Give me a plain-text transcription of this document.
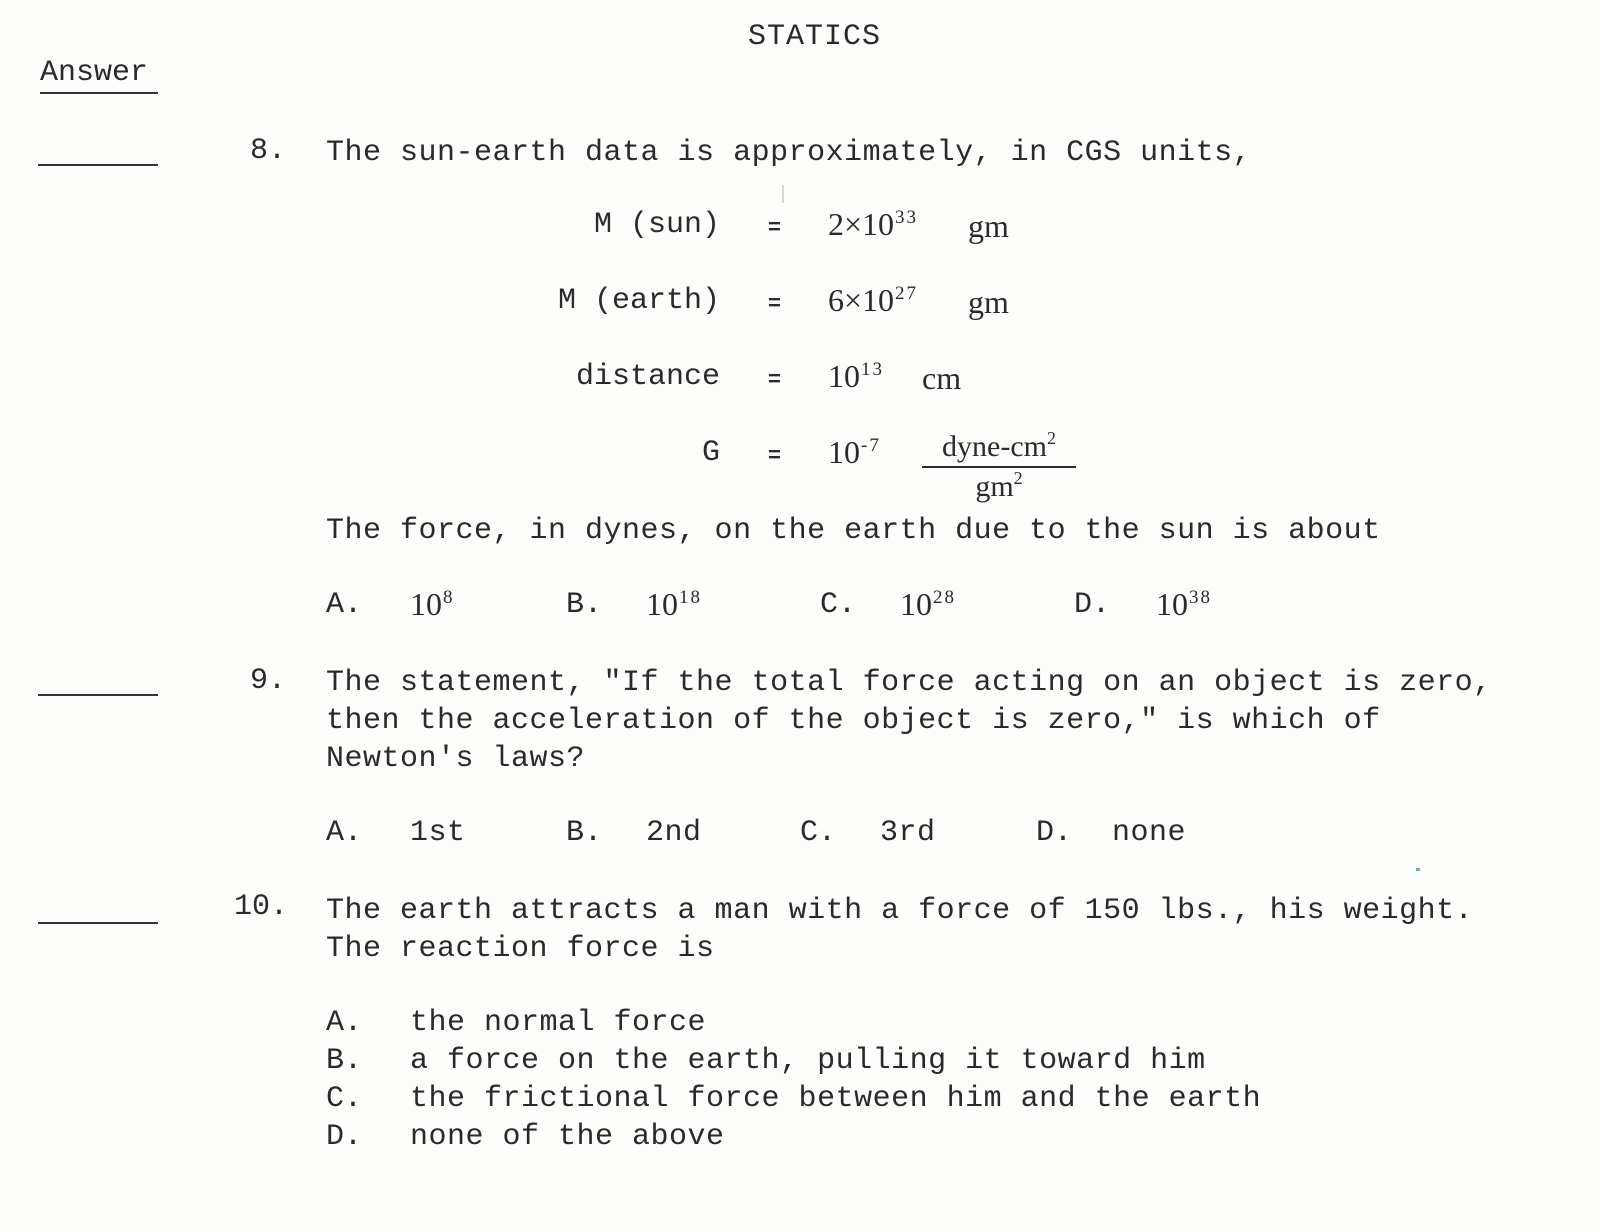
STATICS
Answer
8. The sun-earth data is approximately, in CGS units,
M $(sun) = 2\times 10^{33}$ gm
M (earth) = $6\times 10^{27}$ gm
distance = $10^{13}$ cm
$G = 10^{-7}$	dyne-$cm^2$
$gm^2$
The force, in dynes, on the earth due to the sun is about
A. $10^8$	B. $10^{18}$	C. $10^{28}$	D. $10^{38}$
9. The statement, "If the total force acting on an object is zero,
then the acceleration of the object is zero," is which of
Newton's laws?
A. 1st	B. 2nd	C. 3rd	D. none
10. The earth attracts a man with a force of 150 lbs., his weight.
The reaction force is
A. the normal force
B. a force on the earth, pulling it toward him
C. the frictional force between him and the earth
D. none of the above
